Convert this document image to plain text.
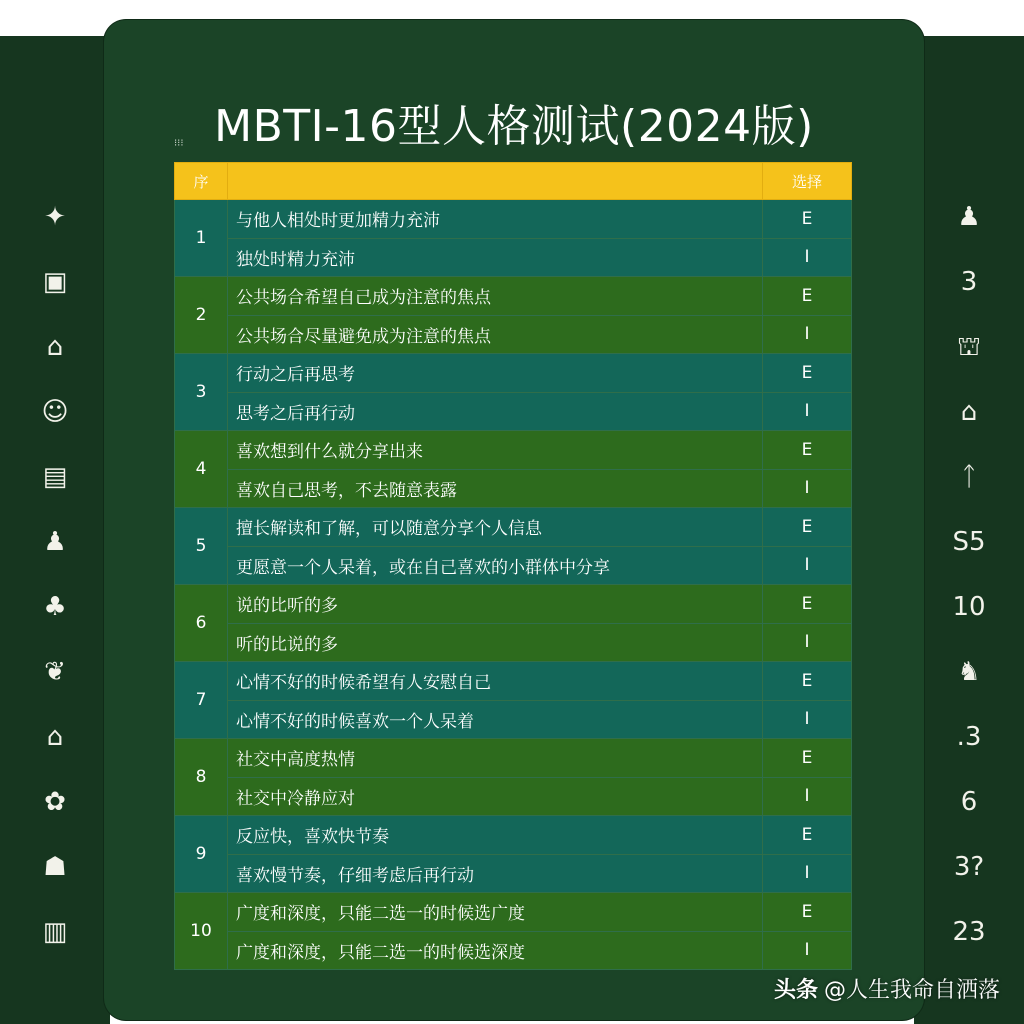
✦
▣
⌂
☺
▤
♟
♣
❦
⌂
✿
☗
▥
♟
3
⛫
⌂
ᛏ
S5
10
♞
.3
6
3?
23
MBTI-16型人格测试(2024版)
⁝⁝⁝
序		选择
1	与他人相处时更加精力充沛	E
	独处时精力充沛	I
2	公共场合希望自己成为注意的焦点	E
	公共场合尽量避免成为注意的焦点	I
3	行动之后再思考	E
	思考之后再行动	I
4	喜欢想到什么就分享出来	E
	喜欢自己思考，不去随意表露	I
5	擅长解读和了解，可以随意分享个人信息	E
	更愿意一个人呆着，或在自己喜欢的小群体中分享	I
6	说的比听的多	E
	听的比说的多	I
7	心情不好的时候希望有人安慰自己	E
	心情不好的时候喜欢一个人呆着	I
8	社交中高度热情	E
	社交中冷静应对	I
9	反应快，喜欢快节奏	E
	喜欢慢节奏，仔细考虑后再行动	I
10	广度和深度，只能二选一的时候选广度	E
	广度和深度，只能二选一的时候选深度	I
头条 @人生我命自洒落
